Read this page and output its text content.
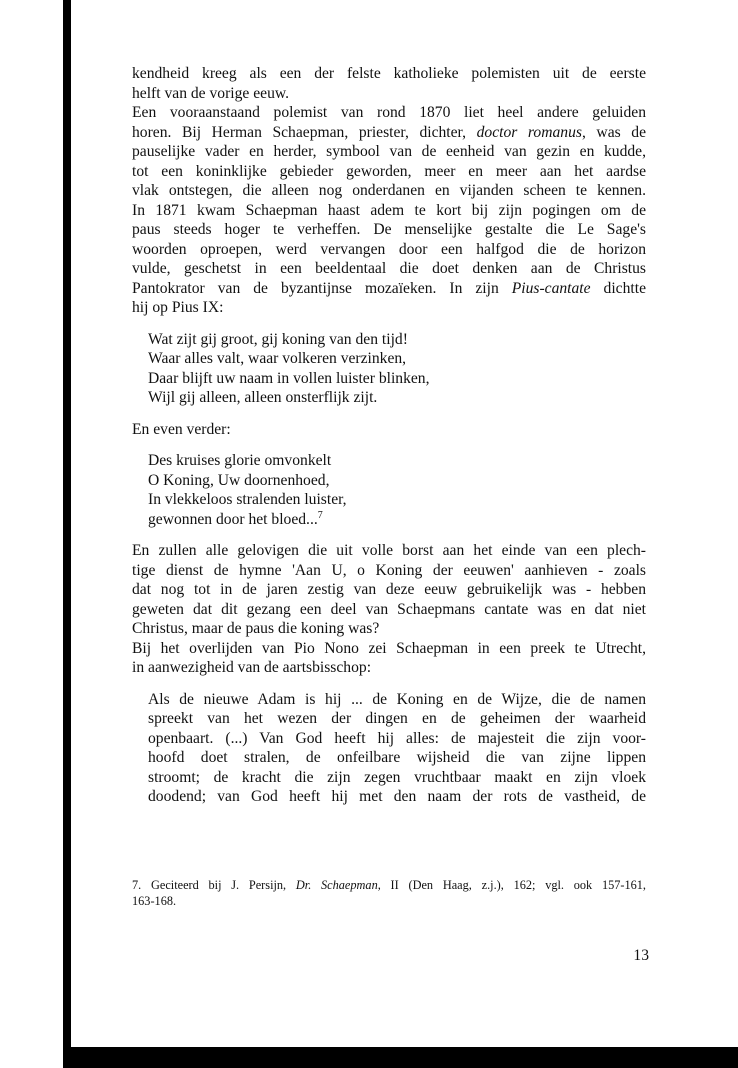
kendheid kreeg als een der felste katholieke polemisten uit de eerste
helft van de vorige eeuw.
Een vooraanstaand polemist van rond 1870 liet heel andere geluiden
horen. Bij Herman Schaepman, priester, dichter, doctor romanus, was de
pauselijke vader en herder, symbool van de eenheid van gezin en kudde,
tot een koninklijke gebieder geworden, meer en meer aan het aardse
vlak ontstegen, die alleen nog onderdanen en vijanden scheen te kennen.
In 1871 kwam Schaepman haast adem te kort bij zijn pogingen om de
paus steeds hoger te verheffen. De menselijke gestalte die Le Sage's
woorden oproepen, werd vervangen door een halfgod die de horizon
vulde, geschetst in een beeldentaal die doet denken aan de Christus
Pantokrator van de byzantijnse mozaïeken. In zijn Pius-cantate dichtte
hij op Pius IX:
Wat zijt gij groot, gij koning van den tijd!
Waar alles valt, waar volkeren verzinken,
Daar blijft uw naam in vollen luister blinken,
Wijl gij alleen, alleen onsterflijk zijt.
En even verder:
Des kruises glorie omvonkelt
O Koning, Uw doornenhoed,
In vlekkeloos stralenden luister,
gewonnen door het bloed...$^7$
En zullen alle gelovigen die uit volle borst aan het einde van een plech-
tige dienst de hymne 'Aan U, o Koning der eeuwen' aanhieven - zoals
dat nog tot in de jaren zestig van deze eeuw gebruikelijk was - hebben
geweten dat dit gezang een deel van Schaepmans cantate was en dat niet
Christus, maar de paus die koning was?
Bij het overlijden van Pio Nono zei Schaepman in een preek te Utrecht,
in aanwezigheid van de aartsbisschop:
Als de nieuwe Adam is hij ... de Koning en de Wijze, die de namen
spreekt van het wezen der dingen en de geheimen der waarheid
openbaart. (...) Van God heeft hij alles: de majesteit die zijn voor-
hoofd doet stralen, de onfeilbare wijsheid die van zijne lippen
stroomt; de kracht die zijn zegen vruchtbaar maakt en zijn vloek
doodend; van God heeft hij met den naam der rots de vastheid, de
7. Geciteerd bij J. Persijn, Dr. Schaepman, II (Den Haag, z.j.), 162; vgl. ook 157-161,
163-168.
13
